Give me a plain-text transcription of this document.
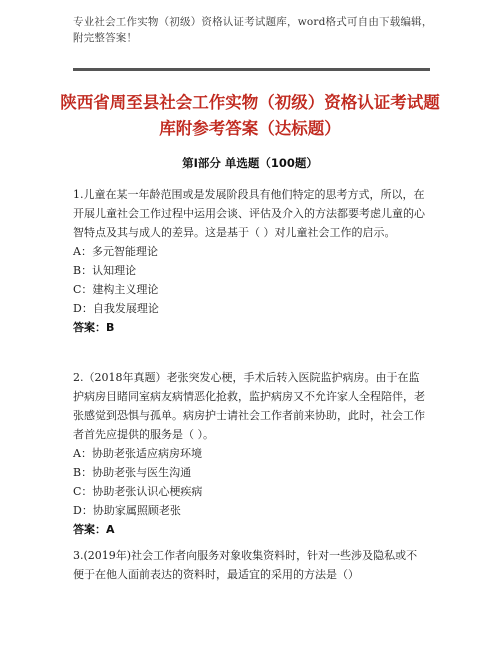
专业社会工作实物（初级）资格认证考试题库，word格式可自由下载编辑，附完整答案！
陕西省周至县社会工作实物（初级）资格认证考试题库附参考答案（达标题）
第Ⅰ部分 单选题（100题）

1.儿童在某一年龄范围或是发展阶段具有他们特定的思考方式，所以，在开展儿童社会工作过程中运用会谈、评估及介入的方法都要考虑儿童的心智特点及其与成人的差异。这是基于（ ）对儿童社会工作的启示。

A：多元智能理论

B：认知理论

C：建构主义理论

D：自我发展理论

答案：B

2.（2018年真题）老张突发心梗，手术后转入医院监护病房。由于在监护病房目睹同室病友病情恶化抢救，监护病房又不允许家人全程陪伴，老张感觉到恐惧与孤单。病房护士请社会工作者前来协助，此时，社会工作者首先应提供的服务是（ ）。

A：协助老张适应病房环境

B：协助老张与医生沟通

C：协助老张认识心梗疾病

D：协助家属照顾老张

答案：A

3.(2019年)社会工作者向服务对象收集资料时，针对一些涉及隐私或不便于在他人面前表达的资料时，最适宜的采用的方法是（）
